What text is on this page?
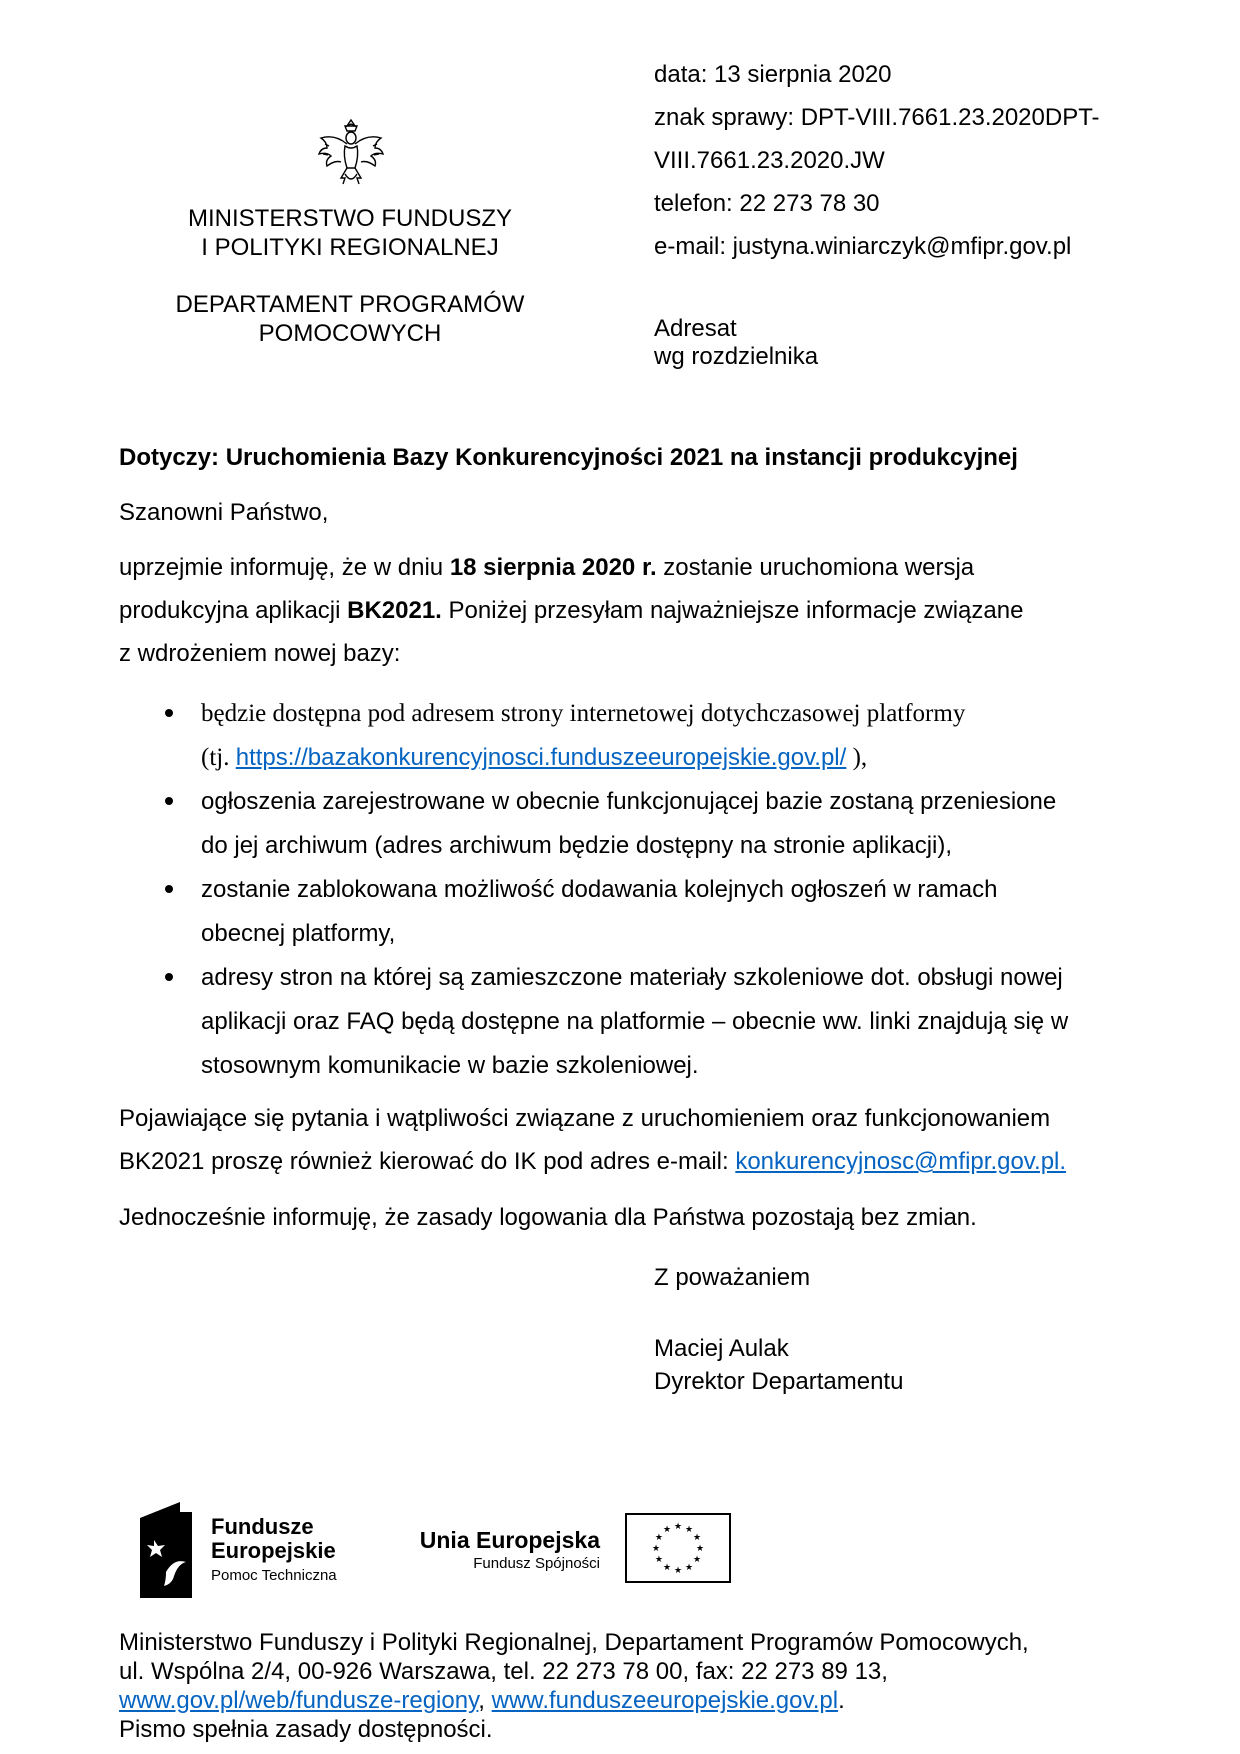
MINISTERSTWO FUNDUSZY
I POLITYKI REGIONALNEJ
DEPARTAMENT PROGRAMÓW
POMOCOWYCH
data: 13 sierpnia 2020
znak sprawy: DPT-VIII.7661.23.2020DPT-
VIII.7661.23.2020.JW
telefon: 22 273 78 30
e-mail: justyna.winiarczyk@mfipr.gov.pl
Adresat
wg rozdzielnika
Dotyczy: Uruchomienia Bazy Konkurencyjności 2021 na instancji produkcyjnej
Szanowni Państwo,
uprzejmie informuję, że w dniu 18 sierpnia 2020 r. zostanie uruchomiona wersja
produkcyjna aplikacji BK2021. Poniżej przesyłam najważniejsze informacje związane
z wdrożeniem nowej bazy:
będzie dostępna pod adresem strony internetowej dotychczasowej platformy
(tj. https://bazakonkurencyjnosci.funduszeeuropejskie.gov.pl/ ),
ogłoszenia zarejestrowane w obecnie funkcjonującej bazie zostaną przeniesione
do jej archiwum (adres archiwum będzie dostępny na stronie aplikacji),
zostanie zablokowana możliwość dodawania kolejnych ogłoszeń w ramach
obecnej platformy,
adresy stron na której są zamieszczone materiały szkoleniowe dot. obsługi nowej
aplikacji oraz FAQ będą dostępne na platformie – obecnie ww. linki znajdują się w
stosownym komunikacie w bazie szkoleniowej.
Pojawiające się pytania i wątpliwości związane z uruchomieniem oraz funkcjonowaniem
BK2021 proszę również kierować do IK pod adres e-mail: konkurencyjnosc@mfipr.gov.pl.
Jednocześnie informuję, że zasady logowania dla Państwa pozostają bez zmian.
Z poważaniem
Maciej Aulak
Dyrektor Departamentu
Fundusze
Europejskie
Pomoc Techniczna
Unia Europejska
Fundusz Spójności
★ ★
★
★
★
★
★
★
★
★
★
★
Ministerstwo Funduszy i Polityki Regionalnej, Departament Programów Pomocowych,
ul. Wspólna 2/4, 00-926 Warszawa, tel. 22 273 78 00, fax: 22 273 89 13,
www.gov.pl/web/fundusze-regiony, www.funduszeeuropejskie.gov.pl.
Pismo spełnia zasady dostępności.
